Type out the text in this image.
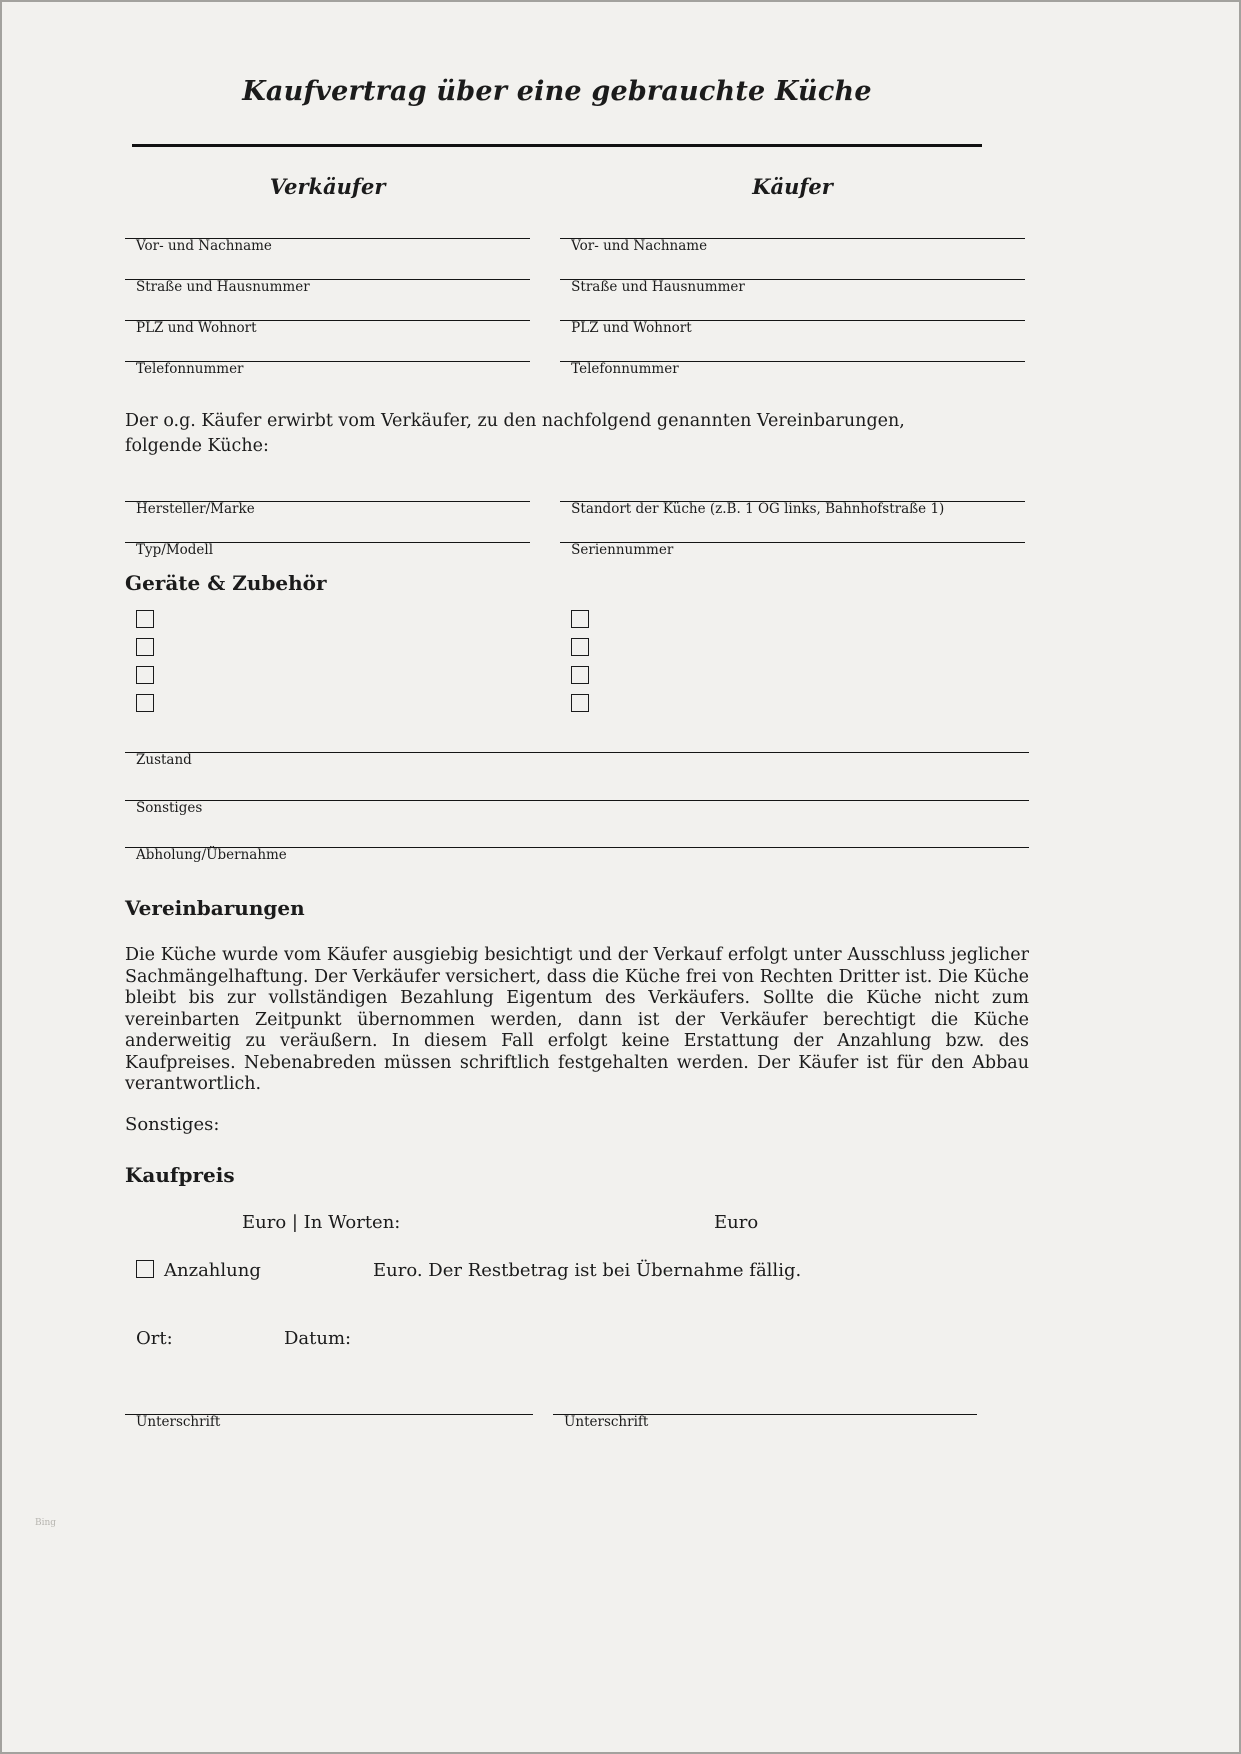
Kaufvertrag über eine gebrauchte Küche
Verkäufer	Käufer
Vor- und Nachname	Vor- und Nachname
Straße und Hausnummer	Straße und Hausnummer
PLZ und Wohnort	PLZ und Wohnort
Telefonnummer	Telefonnummer

Der o.g. Käufer erwirbt vom Verkäufer, zu den nachfolgend genannten Vereinbarungen, folgende Küche:

Hersteller/Marke	Standort der Küche (z.B. 1 OG links, Bahnhofstraße 1)
Typ/Modell	Seriennummer
Geräte & Zubehör
Zustand
Sonstiges
Abholung/Übernahme
Vereinbarungen

Die Küche wurde vom Käufer ausgiebig besichtigt und der Verkauf erfolgt unter Ausschluss jeglicher Sachmängelhaftung. Der Verkäufer versichert, dass die Küche frei von Rechten Dritter ist. Die Küche bleibt bis zur vollständigen Bezahlung Eigentum des Verkäufers. Sollte die Küche nicht zum vereinbarten Zeitpunkt übernommen werden, dann ist der Verkäufer berechtigt die Küche anderweitig zu veräußern. In diesem Fall erfolgt keine Erstattung der Anzahlung bzw. des Kaufpreises. Nebenabreden müssen schriftlich festgehalten werden. Der Käufer ist für den Abbau verantwortlich.

Sonstiges:

Kaufpreis
Euro | In Worten:	Euro
Anzahlung	Euro. Der Restbetrag ist bei Übernahme fällig.
Ort:	Datum:
Unterschrift	Unterschrift
Bing
